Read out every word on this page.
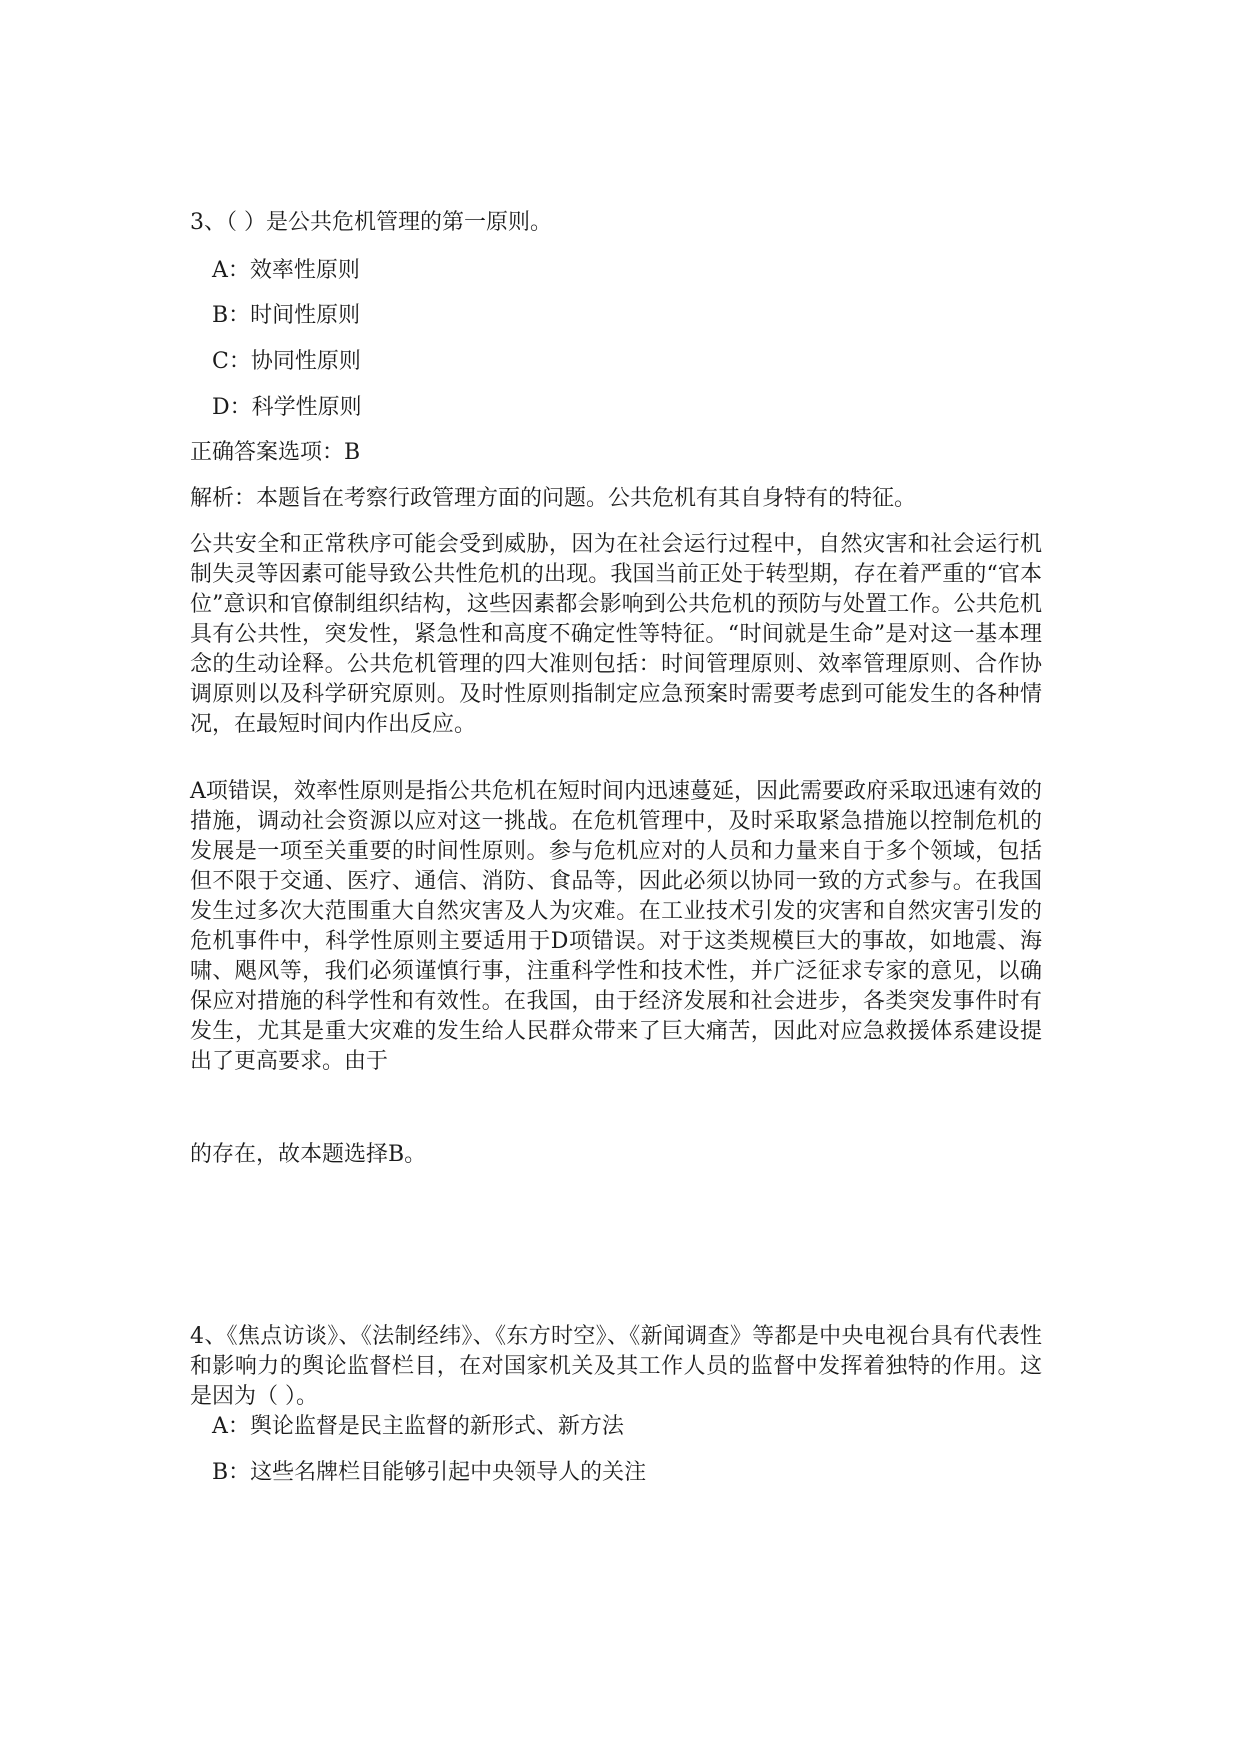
3、（ ）是公共危机管理的第一原则。
A：效率性原则
B：时间性原则
C：协同性原则
D：科学性原则
正确答案选项：B
解析：本题旨在考察行政管理方面的问题。公共危机有其自身特有的特征。
公共安全和正常秩序可能会受到威胁，因为在社会运行过程中，自然灾害和社会运行机制失灵等因素可能导致公共性危机的出现。我国当前正处于转型期，存在着严重的“官本位”意识和官僚制组织结构，这些因素都会影响到公共危机的预防与处置工作。公共危机具有公共性，突发性，紧急性和高度不确定性等特征。“时间就是生命”是对这一基本理念的生动诠释。公共危机管理的四大准则包括：时间管理原则、效率管理原则、合作协调原则以及科学研究原则。及时性原则指制定应急预案时需要考虑到可能发生的各种情况，在最短时间内作出反应。
A项错误，效率性原则是指公共危机在短时间内迅速蔓延，因此需要政府采取迅速有效的措施，调动社会资源以应对这一挑战。在危机管理中，及时采取紧急措施以控制危机的发展是一项至关重要的时间性原则。参与危机应对的人员和力量来自于多个领域，包括但不限于交通、医疗、通信、消防、食品等，因此必须以协同一致的方式参与。在我国发生过多次大范围重大自然灾害及人为灾难。在工业技术引发的灾害和自然灾害引发的危机事件中，科学性原则主要适用于D项错误。对于这类规模巨大的事故，如地震、海啸、飓风等，我们必须谨慎行事，注重科学性和技术性，并广泛征求专家的意见，以确保应对措施的科学性和有效性。在我国，由于经济发展和社会进步，各类突发事件时有发生，尤其是重大灾难的发生给人民群众带来了巨大痛苦，因此对应急救援体系建设提出了更高要求。由于
的存在，故本题选择B。
4、《焦点访谈》、《法制经纬》、《东方时空》、《新闻调查》等都是中央电视台具有代表性和影响力的舆论监督栏目，在对国家机关及其工作人员的监督中发挥着独特的作用。这是因为（ ）。
A：舆论监督是民主监督的新形式、新方法
B：这些名牌栏目能够引起中央领导人的关注
